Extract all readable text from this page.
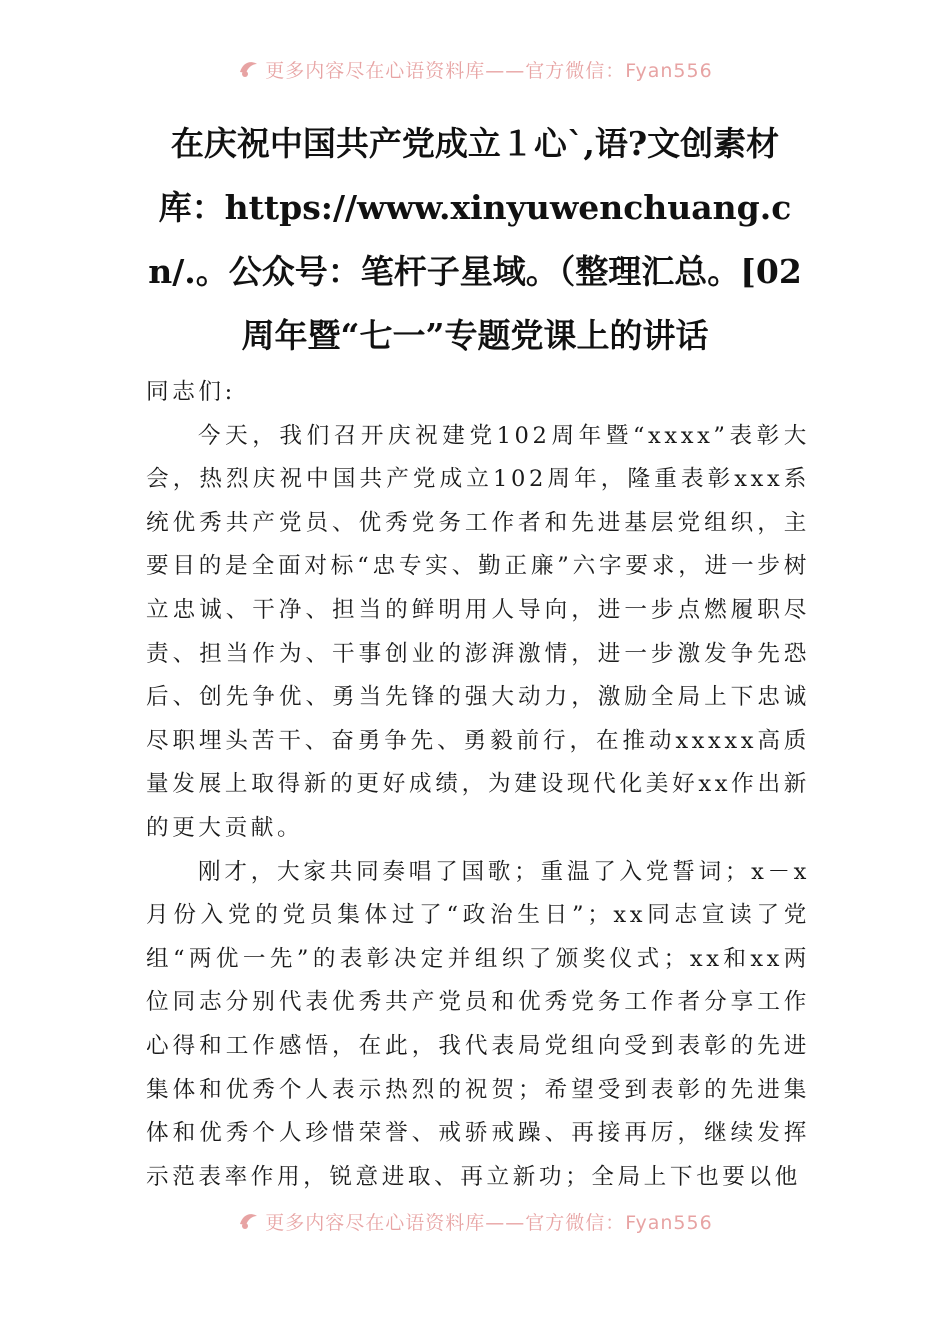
更多内容尽在心语资料库——官方微信：Fyan556
在庆祝中国共产党成立１心`,语?文创素材库：https://www.xinyuwenchuang.cn/.。公众号：笔杆子星域。（整理汇总。[02周年暨“七一”专题党课上的讲话

同志们:

今天，我们召开庆祝建党102周年暨“xxxx”表彰大会，热烈庆祝中国共产党成立102周年，隆重表彰xxx系统优秀共产党员、优秀党务工作者和先进基层党组织，主要目的是全面对标“忠专实、勤正廉”六字要求，进一步树立忠诚、干净、担当的鲜明用人导向，进一步点燃履职尽责、担当作为、干事创业的澎湃激情，进一步激发争先恐后、创先争优、勇当先锋的强大动力，激励全局上下忠诚尽职埋头苦干、奋勇争先、勇毅前行，在推动xxxxx高质量发展上取得新的更好成绩，为建设现代化美好xx作出新的更大贡献。

刚才，大家共同奏唱了国歌；重温了入党誓词；x－x月份入党的党员集体过了“政治生日”；xx同志宣读了党组“两优一先”的表彰决定并组织了颁奖仪式；xx和xx两位同志分别代表优秀共产党员和优秀党务工作者分享工作心得和工作感悟，在此，我代表局党组向受到表彰的先进集体和优秀个人表示热烈的祝贺；希望受到表彰的先进集体和优秀个人珍惜荣誉、戒骄戒躁、再接再厉，继续发挥示范表率作用，锐意进取、再立新功；全局上下也要以他

更多内容尽在心语资料库——官方微信：Fyan556
